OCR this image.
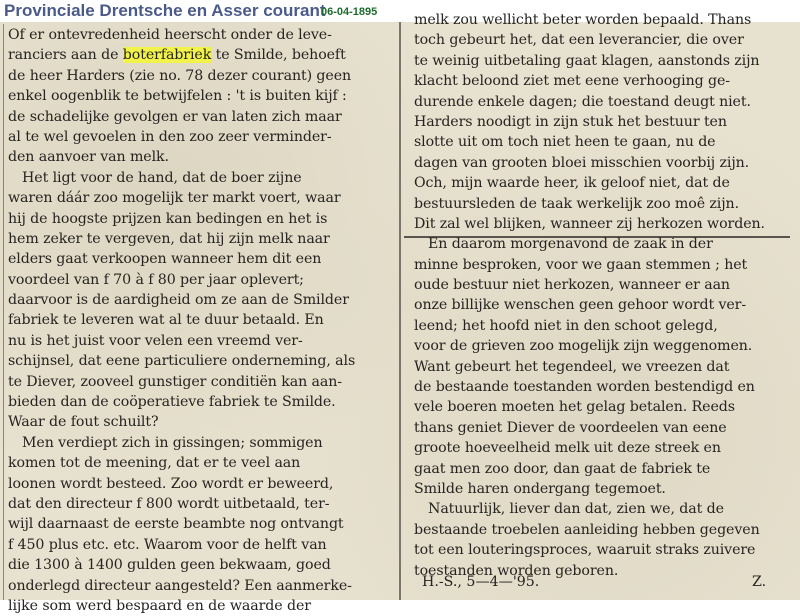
Provinciale Drentsche en Asser courant
06-04-1895
Of er ontevredenheid heerscht onder de leve-
ranciers aan de boterfabriek te Smilde, behoeft
de heer Harders (zie no. 78 dezer courant) geen
enkel oogenblik te betwijfelen : 't is buiten kijf :
de schadelijke gevolgen er van laten zich maar
al te wel gevoelen in den zoo zeer verminder-
den aanvoer van melk.
Het ligt voor de hand, dat de boer zijne
waren dáár zoo mogelijk ter markt voert, waar
hij de hoogste prijzen kan bedingen en het is
hem zeker te vergeven, dat hij zijn melk naar
elders gaat verkoopen wanneer hem dit een
voordeel van f 70 à f 80 per jaar oplevert;
daarvoor is de aardigheid om ze aan de Smilder
fabriek te leveren wat al te duur betaald. En
nu is het juist voor velen een vreemd ver-
schijnsel, dat eene particuliere onderneming, als
te Diever, zooveel gunstiger conditiën kan aan-
bieden dan de coöperatieve fabriek te Smilde.
Waar de fout schuilt?
Men verdiept zich in gissingen; sommigen
komen tot de meening, dat er te veel aan
loonen wordt besteed. Zoo wordt er beweerd,
dat den directeur f 800 wordt uitbetaald, ter-
wijl daarnaast de eerste beambte nog ontvangt
f 450 plus etc. etc. Waarom voor de helft van
die 1300 à 1400 gulden geen bekwaam, goed
onderlegd directeur aangesteld? Een aanmerke-
lijke som werd bespaard en de waarde der
melk zou wellicht beter worden bepaald. Thans
toch gebeurt het, dat een leverancier, die over
te weinig uitbetaling gaat klagen, aanstonds zijn
klacht beloond ziet met eene verhooging ge-
durende enkele dagen; die toestand deugt niet.
Harders noodigt in zijn stuk het bestuur ten
slotte uit om toch niet heen te gaan, nu de
dagen van grooten bloei misschien voorbij zijn.
Och, mijn waarde heer, ik geloof niet, dat de
bestuursleden de taak werkelijk zoo moê zijn.
Dit zal wel blijken, wanneer zij herkozen worden.
En daarom morgenavond de zaak in der
minne besproken, voor we gaan stemmen ; het
oude bestuur niet herkozen, wanneer er aan
onze billijke wenschen geen gehoor wordt ver-
leend; het hoofd niet in den schoot gelegd,
voor de grieven zoo mogelijk zijn weggenomen.
Want gebeurt het tegendeel, we vreezen dat
de bestaande toestanden worden bestendigd en
vele boeren moeten het gelag betalen. Reeds
thans geniet Diever de voordeelen van eene
groote hoeveelheid melk uit deze streek en
gaat men zoo door, dan gaat de fabriek te
Smilde haren ondergang tegemoet.
Natuurlijk, liever dan dat, zien we, dat de
bestaande troebelen aanleiding hebben gegeven
tot een louteringsproces, waaruit straks zuivere
toestanden worden geboren.
H.-S., 5—4—'95.	Z.
